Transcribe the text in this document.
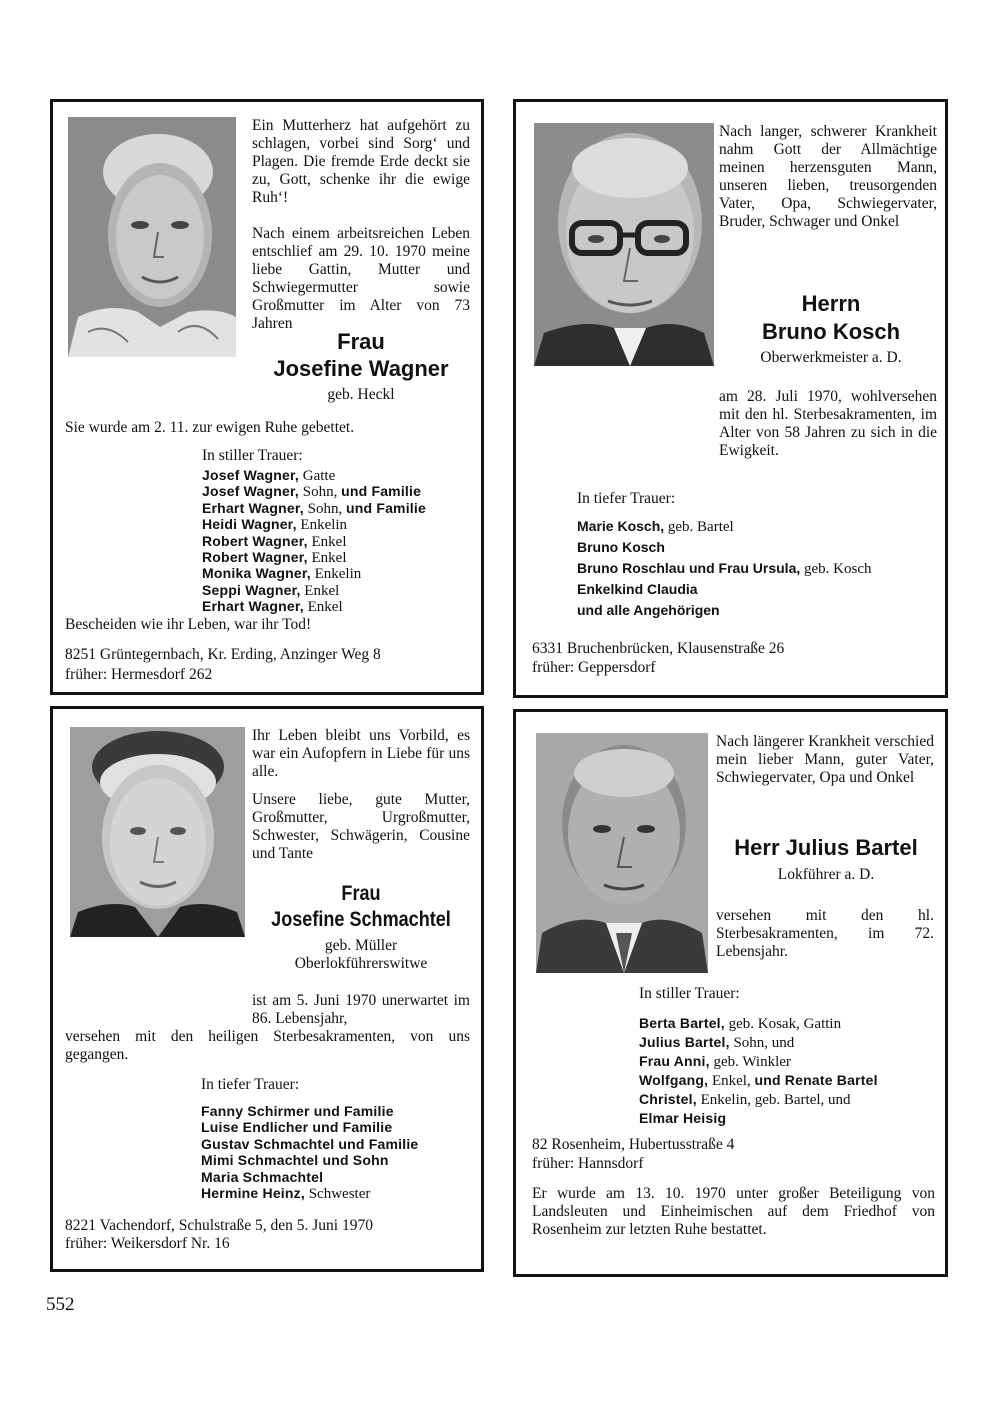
Ein Mutterherz hat aufgehört zu schlagen, vorbei sind Sorg‘ und Plagen. Die fremde Erde deckt sie zu, Gott, schenke ihr die ewige Ruh‘!
Nach einem arbeitsreichen Leben entschlief am 29. 10. 1970 meine liebe Gattin, Mutter und Schwiegermutter sowie Großmutter im Alter von 73 Jahren
Frau
Josefine Wagner
geb. Heckl
Sie wurde am 2. 11. zur ewigen Ruhe gebettet.
In stiller Trauer:
Josef Wagner, Gatte
Josef Wagner, Sohn, und Familie
Erhart Wagner, Sohn, und Familie
Heidi Wagner, Enkelin
Robert Wagner, Enkel
Robert Wagner, Enkel
Monika Wagner, Enkelin
Seppi Wagner, Enkel
Erhart Wagner, Enkel
Bescheiden wie ihr Leben, war ihr Tod!
8251 Grüntegernbach, Kr. Erding, Anzinger Weg 8
früher: Hermesdorf 262
Nach langer, schwerer Krankheit nahm Gott der Allmächtige meinen herzensguten Mann, unseren lieben, treusorgenden Vater, Opa, Schwiegervater, Bruder, Schwager und Onkel
Herrn
Bruno Kosch
Oberwerkmeister a. D.
am 28. Juli 1970, wohlversehen mit den hl. Sterbesakramenten, im Alter von 58 Jahren zu sich in die Ewigkeit.
In tiefer Trauer:
Marie Kosch, geb. Bartel
Bruno Kosch
Bruno Roschlau und Frau Ursula, geb. Kosch
Enkelkind Claudia
und alle Angehörigen
6331 Bruchenbrücken, Klausenstraße 26
früher: Geppersdorf
Ihr Leben bleibt uns Vorbild, es war ein Aufopfern in Liebe für uns alle.
Unsere liebe, gute Mutter, Großmutter, Urgroßmutter, Schwester, Schwägerin, Cousine und Tante
Frau
Josefine Schmachtel
geb. Müller
Oberlokführerswitwe
ist am 5. Juni 1970 unerwartet im 86. Lebensjahr,
versehen mit den heiligen Sterbesakramenten, von uns gegangen.
In tiefer Trauer:
Fanny Schirmer und Familie
Luise Endlicher und Familie
Gustav Schmachtel und Familie
Mimi Schmachtel und Sohn
Maria Schmachtel
Hermine Heinz, Schwester
8221 Vachendorf, Schulstraße 5, den 5. Juni 1970
früher: Weikersdorf Nr. 16
Nach längerer Krankheit verschied mein lieber Mann, guter Vater, Schwiegervater, Opa und Onkel
Herr Julius Bartel
Lokführer a. D.
versehen mit den hl. Sterbesakramenten, im 72. Lebensjahr.
In stiller Trauer:
Berta Bartel, geb. Kosak, Gattin
Julius Bartel, Sohn, und
Frau Anni, geb. Winkler
Wolfgang, Enkel, und Renate Bartel
Christel, Enkelin, geb. Bartel, und
Elmar Heisig
82 Rosenheim, Hubertusstraße 4
früher: Hannsdorf
Er wurde am 13. 10. 1970 unter großer Beteiligung von Landsleuten und Einheimischen auf dem Friedhof von Rosenheim zur letzten Ruhe bestattet.
552
